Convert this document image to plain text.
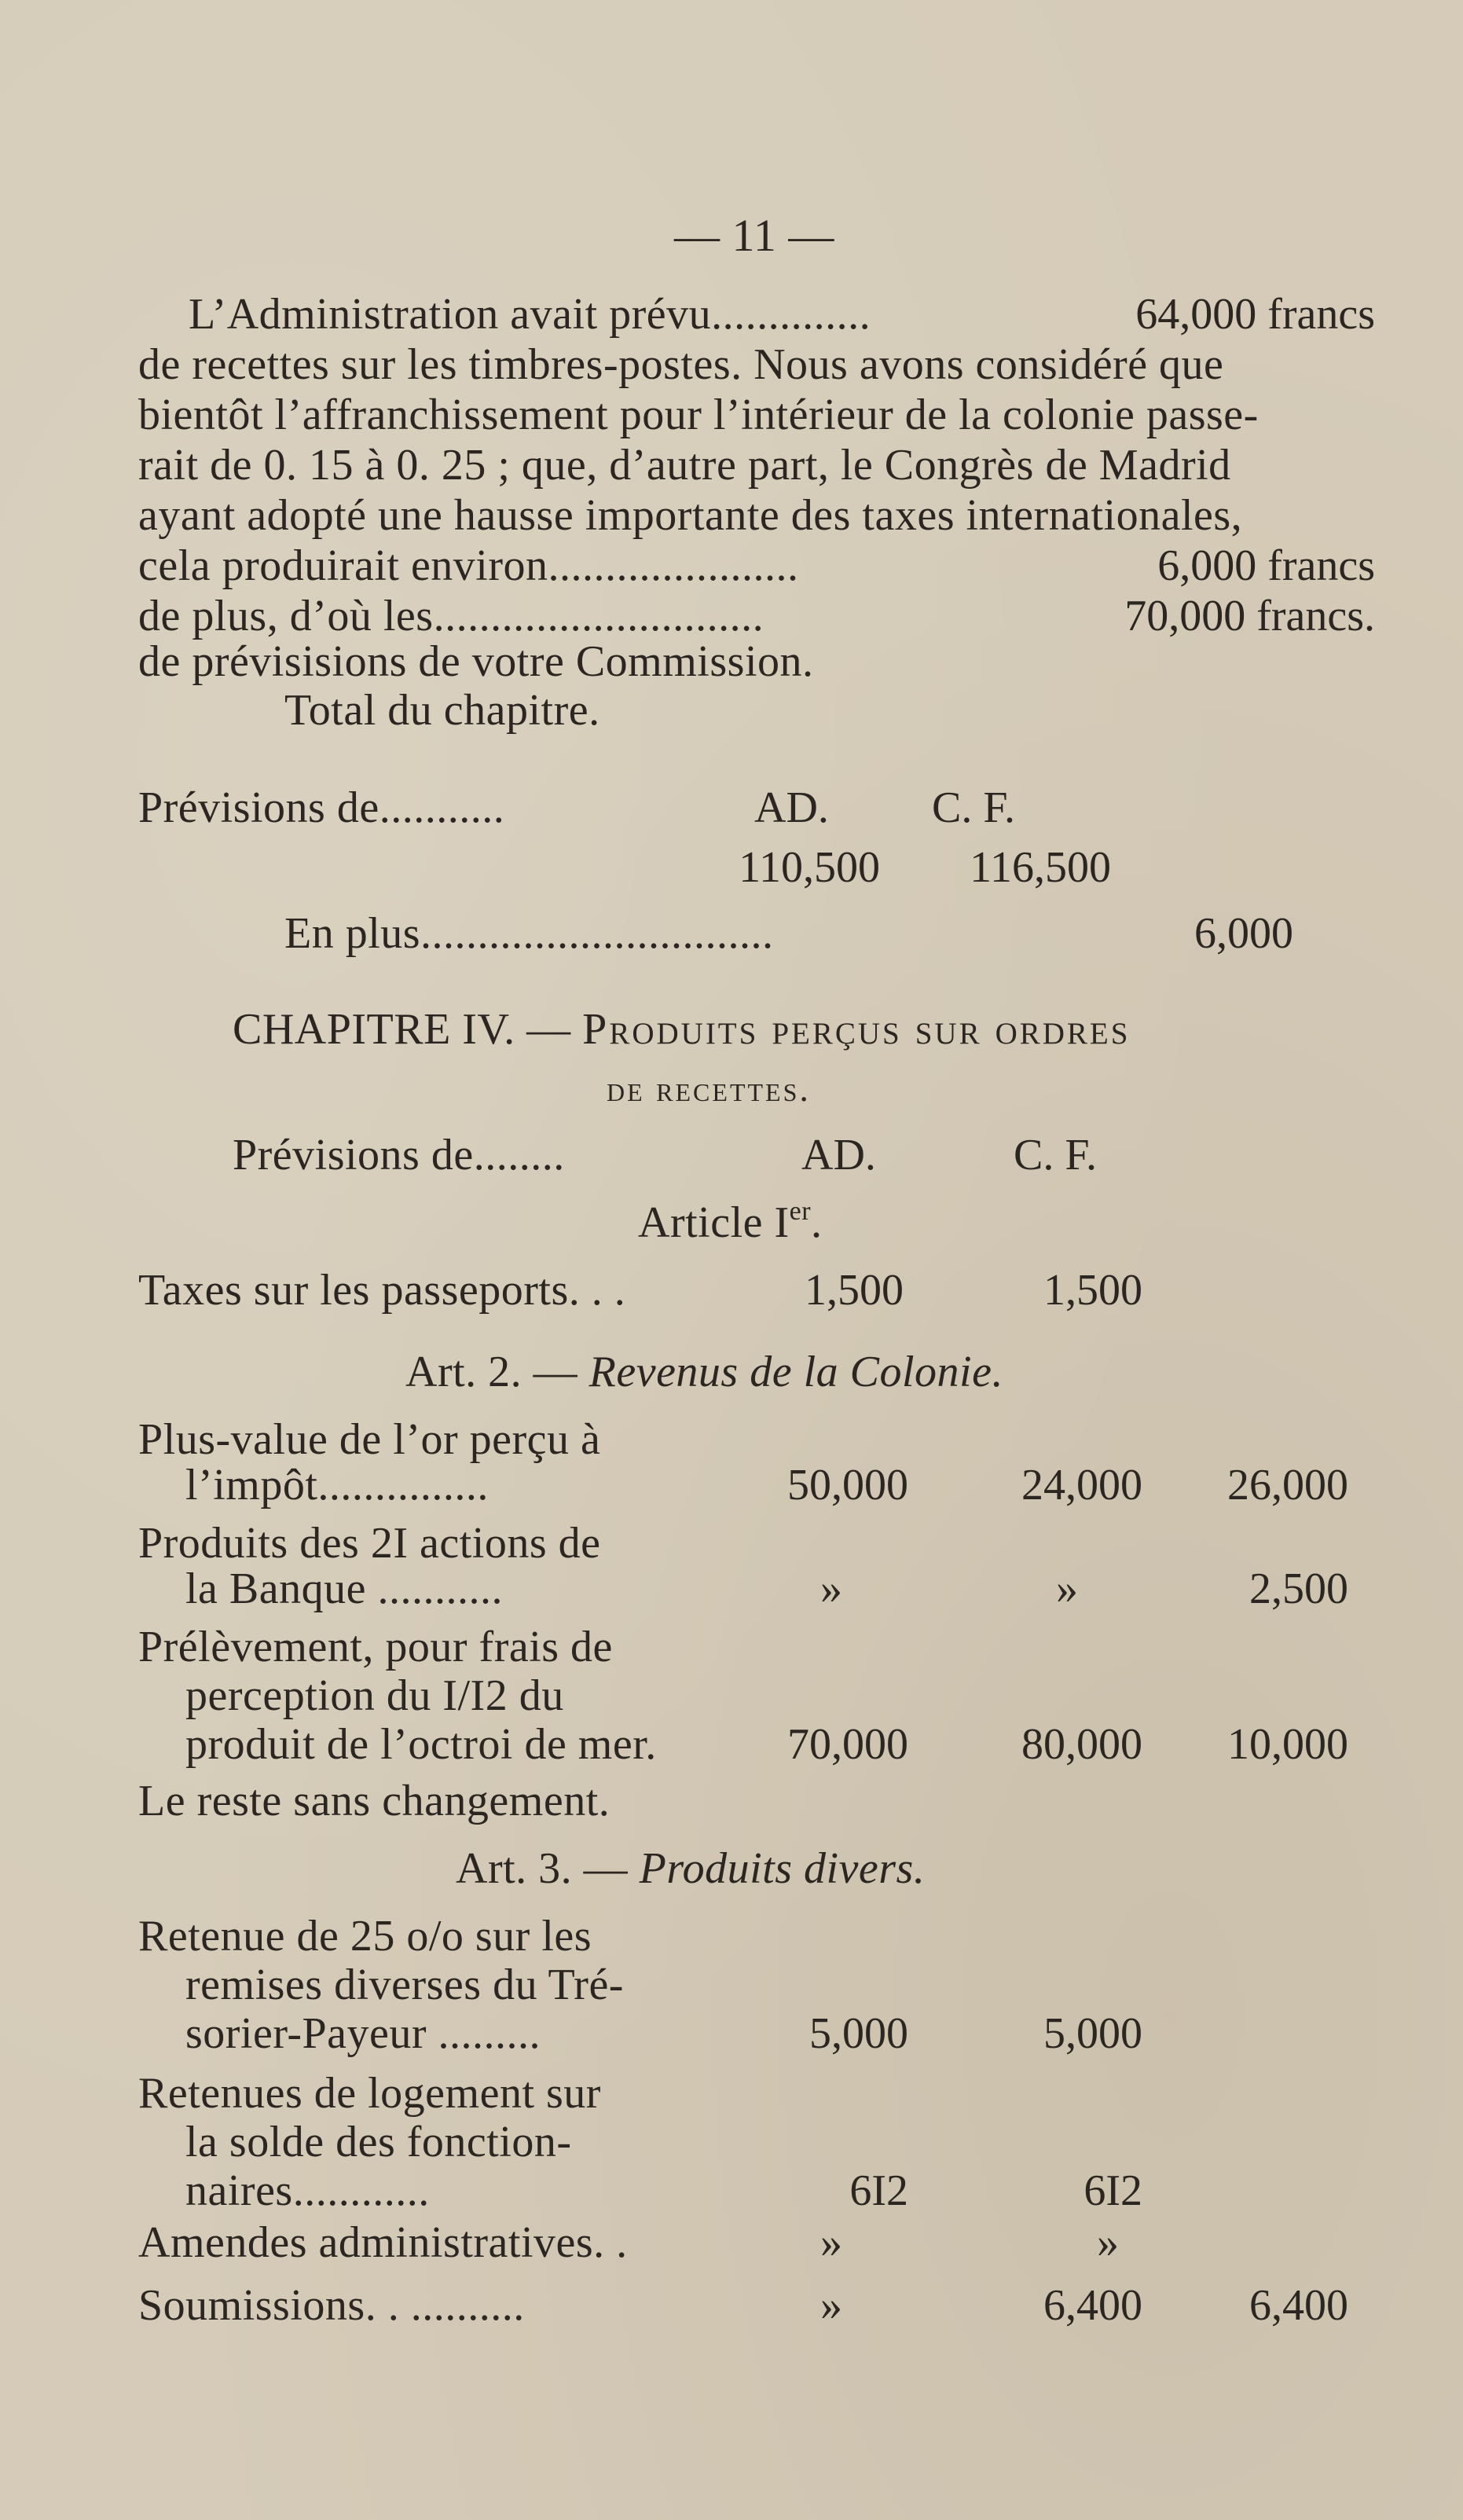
— 11 —
L’Administration avait prévu..............	64,000 francs
de recettes sur les timbres-postes. Nous avons considéré que
bientôt l’affranchissement pour l’intérieur de la colonie passe-
rait de 0. 15 à 0. 25 ; que, d’autre part, le Congrès de Madrid
ayant adopté une hausse importante des taxes internationales,
cela produirait environ......................	6,000 francs
de plus, d’où les.............................	70,000 francs.
de prévisisions de votre Commission.
Total du chapitre.
Prévisions de...........	AD. C. F.
110,500 116,500
En plus...............................	6,000
CHAPITRE IV. — Produits perçus sur ordres
de recettes.
Prévisions de........	AD.	C. F.
Article Ier.
Taxes sur les passeports. . .	1,500	1,500
Art. 2. — Revenus de la Colonie.
Plus-value de l’or perçu à
l’impôt...............	50,000	24,000 26,000
Produits des 2I actions de
la Banque ...........	»	»	2,500
Prélèvement, pour frais de
perception du I/I2 du
produit de l’octroi de mer.	70,000	80,000 10,000
Le reste sans changement.
Art. 3. — Produits divers.
Retenue de 25 o/o sur les
remises diverses du Tré-
sorier-Payeur .........	5,000	5,000
Retenues de logement sur
la solde des fonction-
naires............	6I2	6I2
Amendes administratives. .	»	»
Soumissions. . ..........	»	6,400 6,400
